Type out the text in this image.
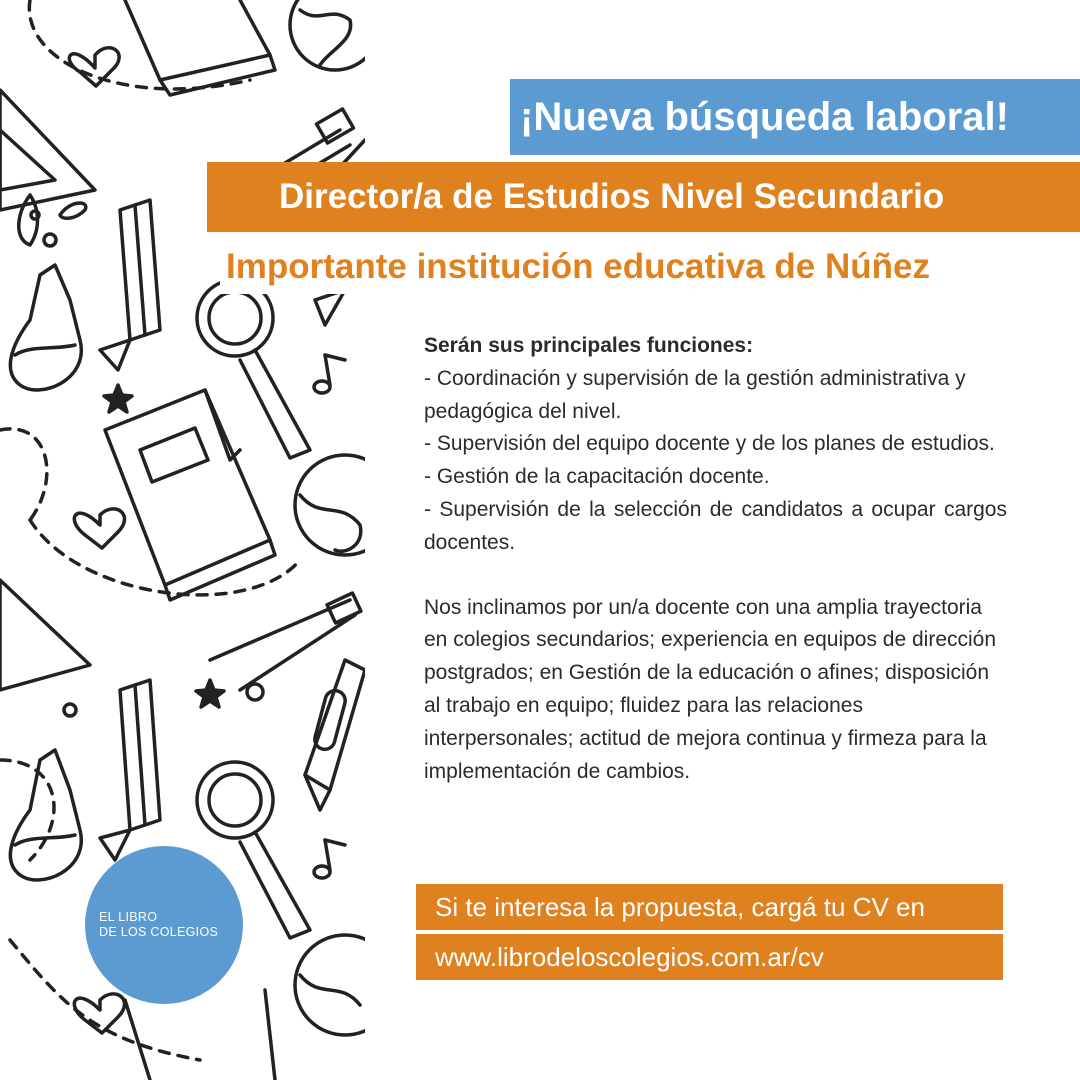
¡Nueva búsqueda laboral!
Director/a de Estudios Nivel Secundario
Importante institución educativa de Núñez

Serán sus principales funciones:

- Coordinación y supervisión de la gestión administrativa y pedagógica del nivel.

- Supervisión del equipo docente y de los planes de estudios.

- Gestión de la capacitación docente.

- Supervisión de la selección de candidatos a ocupar cargos docentes.

Nos inclinamos por un/a docente con una amplia trayectoria en colegios secundarios; experiencia en equipos de dirección postgrados; en Gestión de la educación o afines; disposición al trabajo en equipo; fluidez para las relaciones interpersonales; actitud de mejora continua y firmeza para la implementación de cambios.

Si te interesa la propuesta, cargá tu CV en
www.librodeloscolegios.com.ar/cv
EL LIBRO
DE LOS COLEGIOS
